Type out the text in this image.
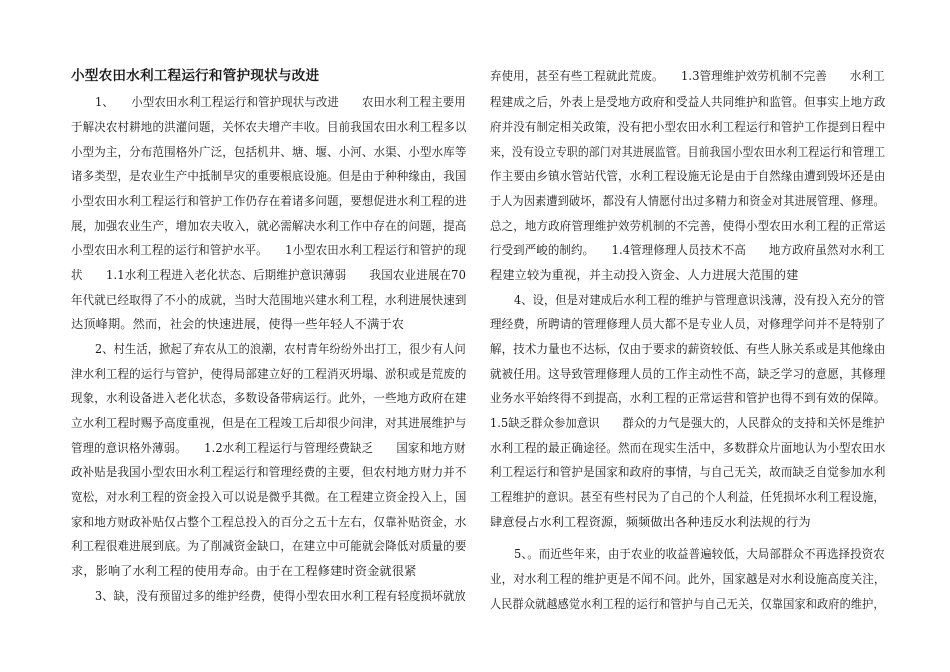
小型农田水利工程运行和管护现状与改进
1、　　小型农田水利工程运行和管护现状与改进　　农田水利工程主要用
于解决农村耕地的洪灌问题，关怀农夫增产丰收。目前我国农田水利工程多以
小型为主，分布范围格外广泛，包括机井、塘、堰、小河、水渠、小型水库等
诸多类型，是农业生产中抵制旱灾的重要根底设施。但是由于种种缘由，我国
小型农田水利工程运行和管护工作仍存在着诸多问题，要想促进水利工程的进
展，加强农业生产，增加农夫收入，就必需解决水利工作中存在的问题，提高
小型农田水利工程的运行和管护水平。　　1小型农田水利工程运行和管护的现
状　　1.1水利工程进入老化状态、后期维护意识薄弱　　我国农业进展在70
年代就已经取得了不小的成就，当时大范围地兴建水利工程，水利进展快速到
达顶峰期。然而，社会的快速进展，使得一些年轻人不满于农
2、村生活，掀起了弃农从工的浪潮，农村青年纷纷外出打工，很少有人问
津水利工程的运行与管护，使得局部建立好的工程消灭坍塌、淤积或是荒废的
现象，水利设备进入老化状态，多数设备带病运行。此外，一些地方政府在建
立水利工程时赐予高度重视，但是在工程竣工后却很少问津，对其进展维护与
管理的意识格外薄弱。　　1.2水利工程运行与管理经费缺乏　　国家和地方财
政补贴是我国小型农田水利工程运行和管理经费的主要，但农村地方财力并不
宽松，对水利工程的资金投入可以说是微乎其微。在工程建立资金投入上，国
家和地方财政补贴仅占整个工程总投入的百分之五十左右，仅靠补贴资金，水
利工程很难进展到底。为了削减资金缺口，在建立中可能就会降低对质量的要
求，影响了水利工程的使用寿命。由于在工程修建时资金就很紧
3、缺，没有预留过多的维护经费，使得小型农田水利工程有轻度损坏就放
弃使用，甚至有些工程就此荒废。　　1.3管理维护效劳机制不完善　　水利工
程建成之后，外表上是受地方政府和受益人共同维护和监管。但事实上地方政
府并没有制定相关政策，没有把小型农田水利工程运行和管护工作提到日程中
来，没有设立专职的部门对其进展监管。目前我国小型农田水利工程运行和管理工
作主要由乡镇水管站代管，水利工程设施无论是由于自然缘由遭到毁坏还是由
于人为因素遭到破坏，都没有人情愿付出过多精力和资金对其进展管理、修理。
总之，地方政府管理维护效劳机制的不完善，使得小型农田水利工程的正常运
行受到严峻的制约。　　1.4管理修理人员技术不高　　地方政府虽然对水利工
程建立较为重视，并主动投入资金、人力进展大范围的建
4、设，但是对建成后水利工程的维护与管理意识浅薄，没有投入充分的管
理经费，所聘请的管理修理人员大都不是专业人员，对修理学问并不是特别了
解，技术力量也不达标，仅由于要求的薪资较低、有些人脉关系或是其他缘由
就被任用。这导致管理修理人员的工作主动性不高，缺乏学习的意愿，其修理
业务水平始终得不到提高，水利工程的正常运营和管护也得不到有效的保障。
1.5缺乏群众参加意识　　群众的力气是强大的，人民群众的支持和关怀是维护
水利工程的最正确途径。然而在现实生活中，多数群众片面地认为小型农田水
利工程运行和管护是国家和政府的事情，与自己无关，故而缺乏自觉参加水利
工程维护的意识。甚至有些村民为了自己的个人利益，任凭损坏水利工程设施，
肆意侵占水利工程资源，频频做出各种违反水利法规的行为
5、。而近些年来，由于农业的收益普遍较低，大局部群众不再选择投资农
业，对水利工程的维护更是不闻不问。此外，国家越是对水利设施高度关注，
人民群众就越感觉水利工程的运行和管护与自己无关，仅靠国家和政府的维护，
